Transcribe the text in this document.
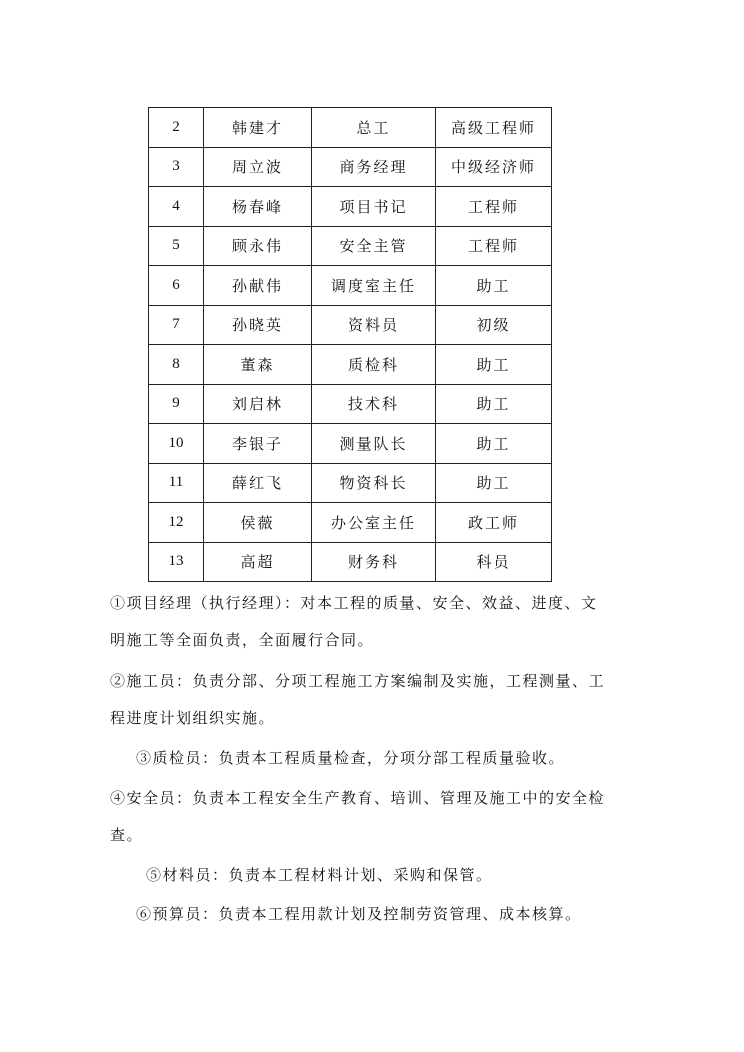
2	韩建才	总工	高级工程师
3	周立波	商务经理	中级经济师
4	杨春峰	项目书记	工程师
5	顾永伟	安全主管	工程师
6	孙献伟	调度室主任	助工
7	孙晓英	资料员	初级
8	董森	质检科	助工
9	刘启林	技术科	助工
10	李银子	测量队长	助工
11	薛红飞	物资科长	助工
12	侯薇	办公室主任	政工师
13	高超	财务科	科员

①项目经理（执行经理）：对本工程的质量、安全、效益、进度、文

明施工等全面负责，全面履行合同。

②施工员：负责分部、分项工程施工方案编制及实施，工程测量、工

程进度计划组织实施。

③质检员：负责本工程质量检查，分项分部工程质量验收。

④安全员：负责本工程安全生产教育、培训、管理及施工中的安全检

查。

⑤材料员：负责本工程材料计划、采购和保管。

⑥预算员：负责本工程用款计划及控制劳资管理、成本核算。
